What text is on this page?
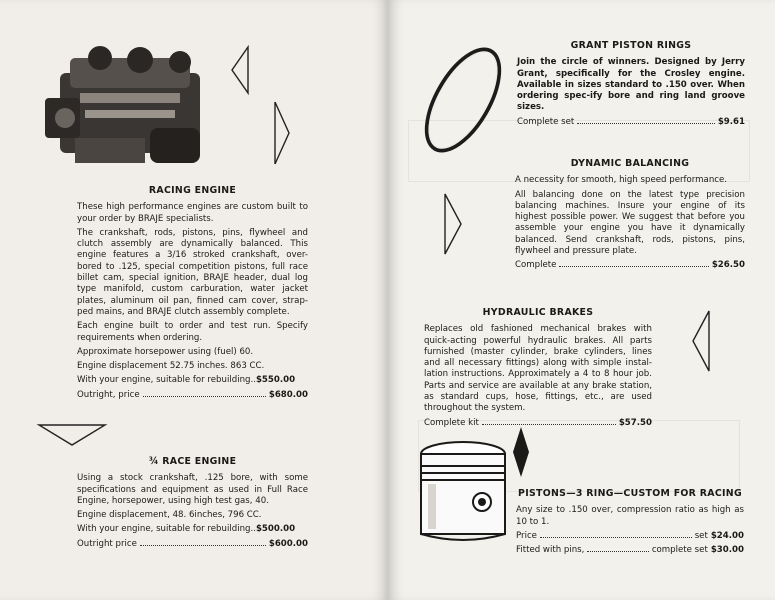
RACING ENGINE

These high performance engines are custom built to your order by BRAJE specialists.

The crankshaft, rods, pistons, pins, flywheel and clutch assembly are dynamically balanced. This engine features a 3/16 stroked crankshaft, over-bored to .125, special competition pistons, full race billet cam, special ignition, BRAJE header, dual log type manifold, custom carburation, water jacket plates, aluminum oil pan, finned cam cover, strap-ped mains, and BRAJE clutch assembly complete.

Each engine built to order and test run. Specify requirements when ordering.

Approximate horsepower using (fuel) 60.

Engine displacement 52.75 inches. 863 CC.

With your engine, suitable for rebuilding.. $550.00
Outright, price	$680.00
¾ RACE ENGINE

Using a stock crankshaft, .125 bore, with some specifications and equipment as used in Full Race Engine, horsepower, using high test gas, 40.

Engine displacement, 48. 6inches, 796 CC.

With your engine, suitable for rebuilding.. $500.00
Outright price	$600.00
GRANT PISTON RINGS

Join the circle of winners. Designed by Jerry Grant, specifically for the Crosley engine. Available in sizes standard to .150 over. When ordering spec-ify bore and ring land groove sizes.

Complete set	$9.61
DYNAMIC BALANCING

A necessity for smooth, high speed performance.

All balancing done on the latest type precision balancing machines. Insure your engine of its highest possible power. We suggest that before you assemble your engine you have it dynamically balanced. Send crankshaft, rods, pistons, pins, flywheel and pressure plate.

Complete	$26.50
HYDRAULIC BRAKES

Replaces old fashioned mechanical brakes with quick-acting powerful hydraulic brakes. All parts furnished (master cylinder, brake cylinders, lines and all necessary fittings) along with simple instal-lation instructions. Approximately a 4 to 8 hour job. Parts and service are available at any brake station, as standard cups, hose, fittings, etc., are used throughout the system.

Complete kit	$57.50
PISTONS—3 RING—CUSTOM FOR RACING

Any size to .150 over, compression ratio as high as 10 to 1.

Price	set $24.00
Fitted with pins,	complete set $30.00
